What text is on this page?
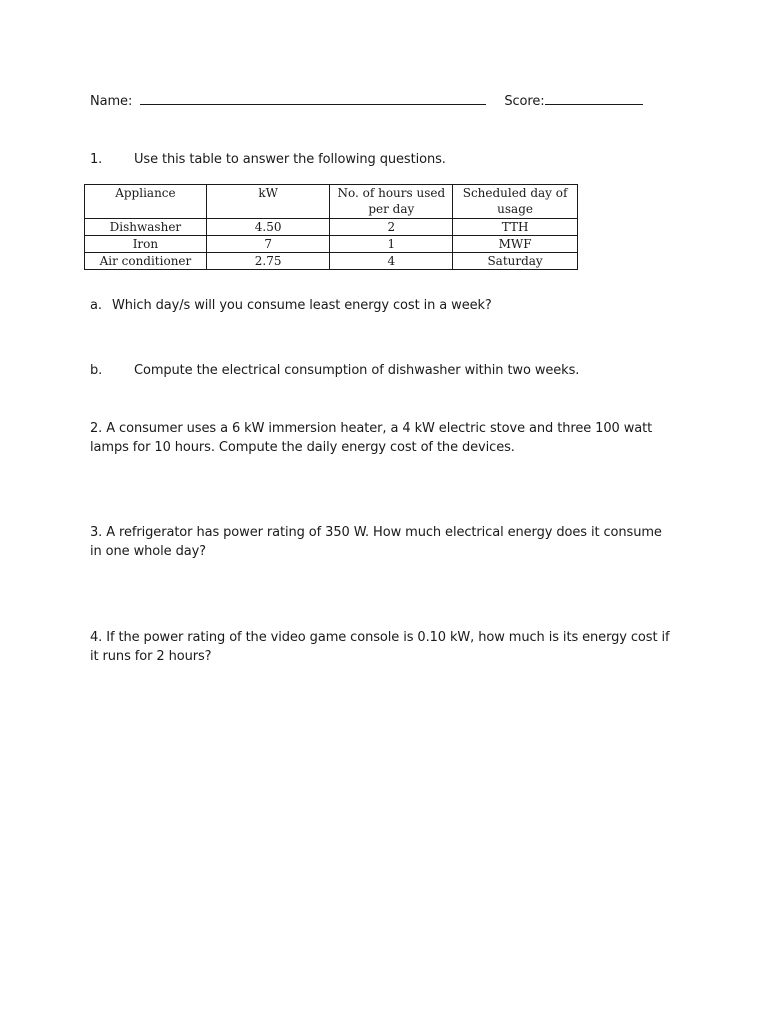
Name:	Score:
1. Use this table to answer the following questions.
Appliance	kW	No. of hours used per day	Scheduled day of usage
Dishwasher	4.50	2	TTH
Iron	7	1	MWF
Air conditioner	2.75	4	Saturday
a. Which day/s will you consume least energy cost in a week?
b. Compute the electrical consumption of dishwasher within two weeks.
2. A consumer uses a 6 kW immersion heater, a 4 kW electric stove and three 100 watt lamps for 10 hours. Compute the daily energy cost of the devices.
3. A refrigerator has power rating of 350 W. How much electrical energy does it consume in one whole day?
4. If the power rating of the video game console is 0.10 kW, how much is its energy cost if it runs for 2 hours?
